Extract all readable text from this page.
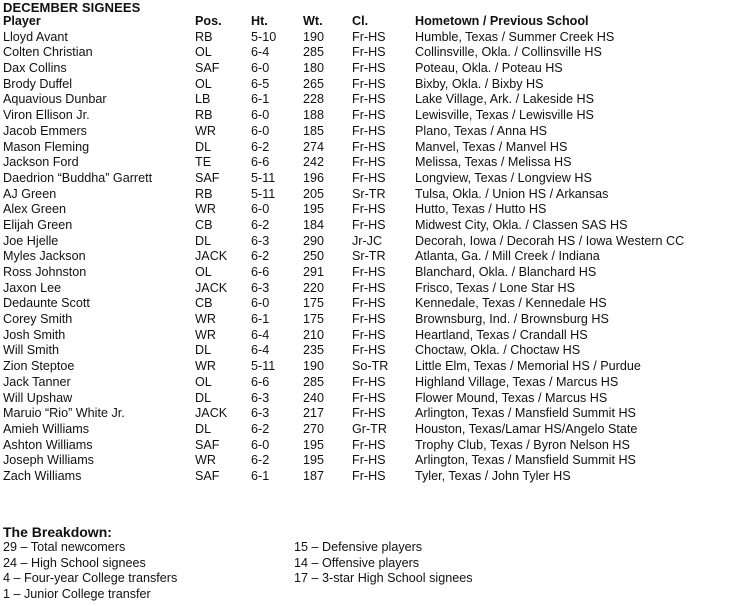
DECEMBER SIGNEES
Player	Pos. Ht.	Wt. Cl.	Hometown / Previous School
Lloyd Avant	RB	5-10 190 Fr-HS Humble, Texas / Summer Creek HS
Colten Christian	OL	6-4	285 Fr-HS Collinsville, Okla. / Collinsville HS
Dax Collins	SAF	6-0	180 Fr-HS Poteau, Okla. / Poteau HS
Brody Duffel	OL	6-5	265 Fr-HS Bixby, Okla. / Bixby HS
Aquavious Dunbar	LB	6-1	228 Fr-HS Lake Village, Ark. / Lakeside HS
Viron Ellison Jr.	RB	6-0	188 Fr-HS Lewisville, Texas / Lewisville HS
Jacob Emmers	WR	6-0	185 Fr-HS Plano, Texas / Anna HS
Mason Fleming	DL	6-2	274 Fr-HS Manvel, Texas / Manvel HS
Jackson Ford	TE	6-6	242 Fr-HS Melissa, Texas / Melissa HS
Daedrion “Buddha” Garrett	SAF	5-11 196 Fr-HS Longview, Texas / Longview HS
AJ Green	RB	5-11 205 Sr-TR Tulsa, Okla. / Union HS / Arkansas
Alex Green	WR	6-0	195 Fr-HS Hutto, Texas / Hutto HS
Elijah Green	CB	6-2	184 Fr-HS Midwest City, Okla. / Classen SAS HS
Joe Hjelle	DL	6-3	290 Jr-JC	Decorah, Iowa / Decorah HS / Iowa Western CC
Myles Jackson	JACK 6-2	250 Sr-TR Atlanta, Ga. / Mill Creek / Indiana
Ross Johnston	OL	6-6	291 Fr-HS Blanchard, Okla. / Blanchard HS
Jaxon Lee	JACK 6-3	220 Fr-HS Frisco, Texas / Lone Star HS
Dedaunte Scott	CB	6-0	175 Fr-HS Kennedale, Texas / Kennedale HS
Corey Smith	WR	6-1	175 Fr-HS Brownsburg, Ind. / Brownsburg HS
Josh Smith	WR	6-4	210 Fr-HS Heartland, Texas / Crandall HS
Will Smith	DL	6-4	235 Fr-HS Choctaw, Okla. / Choctaw HS
Zion Steptoe	WR	5-11 190 So-TR Little Elm, Texas / Memorial HS / Purdue
Jack Tanner	OL	6-6	285 Fr-HS Highland Village, Texas / Marcus HS
Will Upshaw	DL	6-3	240 Fr-HS Flower Mound, Texas / Marcus HS
Maruio “Rio” White Jr.	JACK 6-3	217 Fr-HS Arlington, Texas / Mansfield Summit HS
Amieh Williams	DL	6-2	270 Gr-TR Houston, Texas/Lamar HS/Angelo State
Ashton Williams	SAF	6-0	195 Fr-HS Trophy Club, Texas / Byron Nelson HS
Joseph Williams	WR	6-2	195 Fr-HS Arlington, Texas / Mansfield Summit HS
Zach Williams	SAF	6-1	187 Fr-HS Tyler, Texas / John Tyler HS
The Breakdown:
29 – Total newcomers
24 – High School signees
4 – Four-year College transfers
1 – Junior College transfer
15 – Defensive players
14 – Offensive players
17 – 3-star High School signees
